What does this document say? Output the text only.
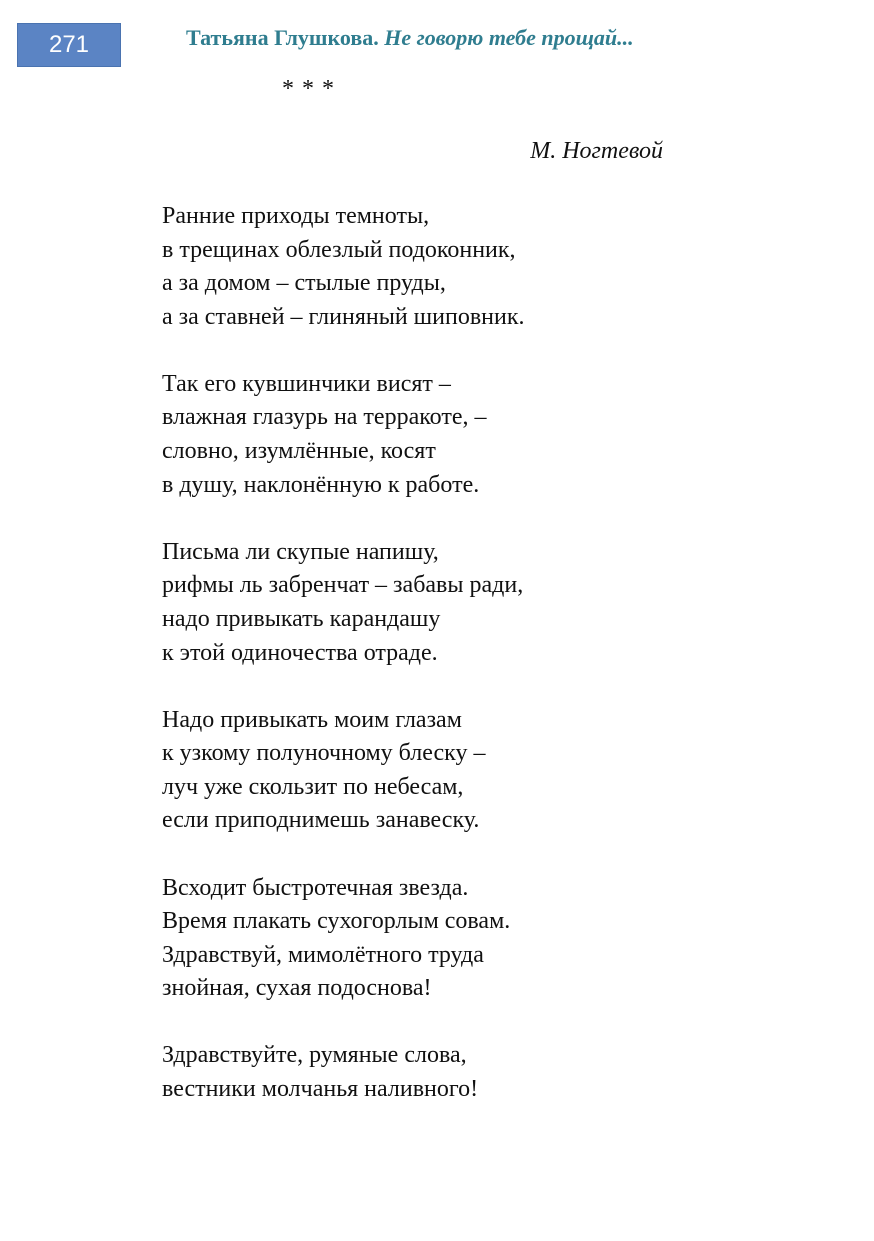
271	Татьяна Глушкова. Не говорю тебе прощай...
* * *
М. Ногтевой
Ранние приходы темноты,
в трещинах облезлый подоконник,
а за домом – стылые пруды,
а за ставней – глиняный шиповник.
Так его кувшинчики висят –
влажная глазурь на терракоте, –
словно, изумлённые, косят
в душу, наклонённую к работе.
Письма ли скупые напишу,
рифмы ль забренчат – забавы ради,
надо привыкать карандашу
к этой одиночества отраде.
Надо привыкать моим глазам
к узкому полуночному блеску –
луч уже скользит по небесам,
если приподнимешь занавеску.
Всходит быстротечная звезда.
Время плакать сухогорлым совам.
Здравствуй, мимолётного труда
знойная, сухая подоснова!
Здравствуйте, румяные слова,
вестники молчанья наливного!
